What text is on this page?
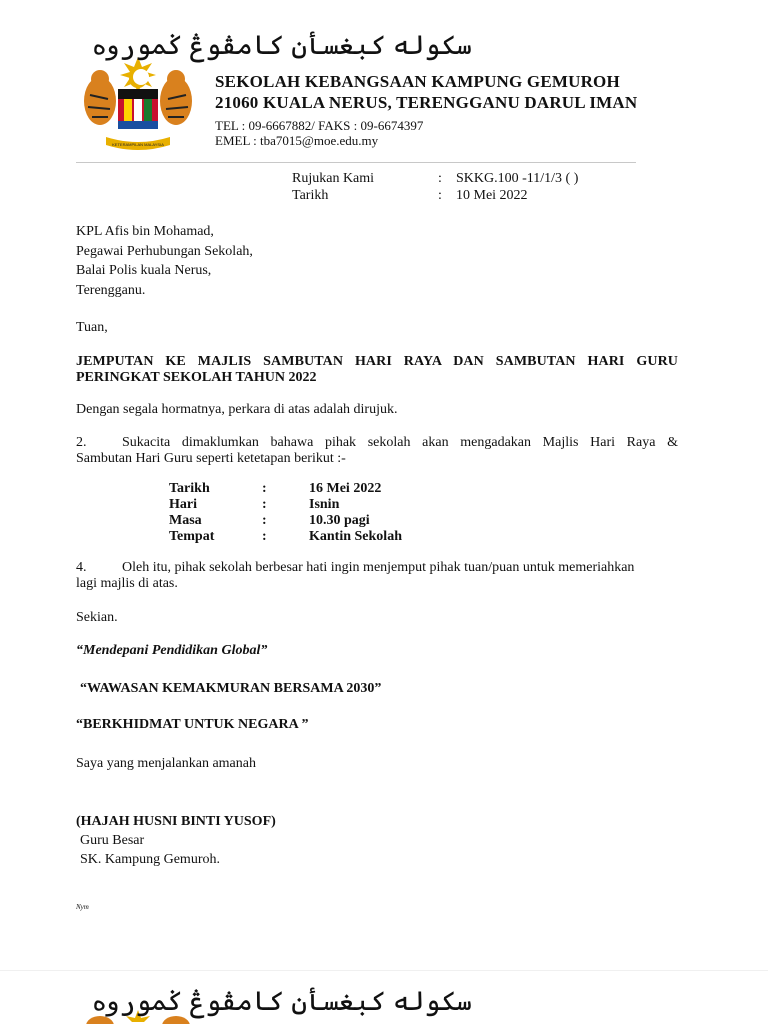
KETERAMPILAN MALAYSIA
سكوله كبغسأن كامڤوڠ ݢمورﻭﻩ
SEKOLAH KEBANGSAAN KAMPUNG GEMUROH
21060 KUALA NERUS, TERENGGANU DARUL IMAN
TEL : 09-6667882/ FAKS : 09-6674397
EMEL : tba7015@moe.edu.my
Rujukan Kami	: SKKG.100 -11/1/3 ( )
Tarikh	: 10 Mei 2022
KPL Afis bin Mohamad,
Pegawai Perhubungan Sekolah,
Balai Polis kuala Nerus,
Terengganu.
Tuan,
JEMPUTAN KE MAJLIS SAMBUTAN HARI RAYA DAN SAMBUTAN HARI GURU
PERINGKAT SEKOLAH TAHUN 2022
Dengan segala hormatnya, perkara di atas adalah dirujuk.
2.	Sukacita dimaklumkan bahawa pihak sekolah akan mengadakan Majlis Hari Raya &
Sambutan Hari Guru seperti ketetapan berikut :-
Tarikh	:	16 Mei 2022
Hari	:	Isnin
Masa	:	10.30 pagi
Tempat	:	Kantin Sekolah
4.	Oleh itu, pihak sekolah berbesar hati ingin menjemput pihak tuan/puan untuk memeriahkan
lagi majlis di atas.
Sekian.
“Mendepani Pendidikan Global”
“WAWASAN KEMAKMURAN BERSAMA 2030”
“BERKHIDMAT UNTUK NEGARA ”
Saya yang menjalankan amanah
(HAJAH HUSNI BINTI YUSOF)
Guru Besar
SK. Kampung Gemuroh.
Nym
سكوله كبغسأن كامڤوڠ ݢمورﻭﻩ
